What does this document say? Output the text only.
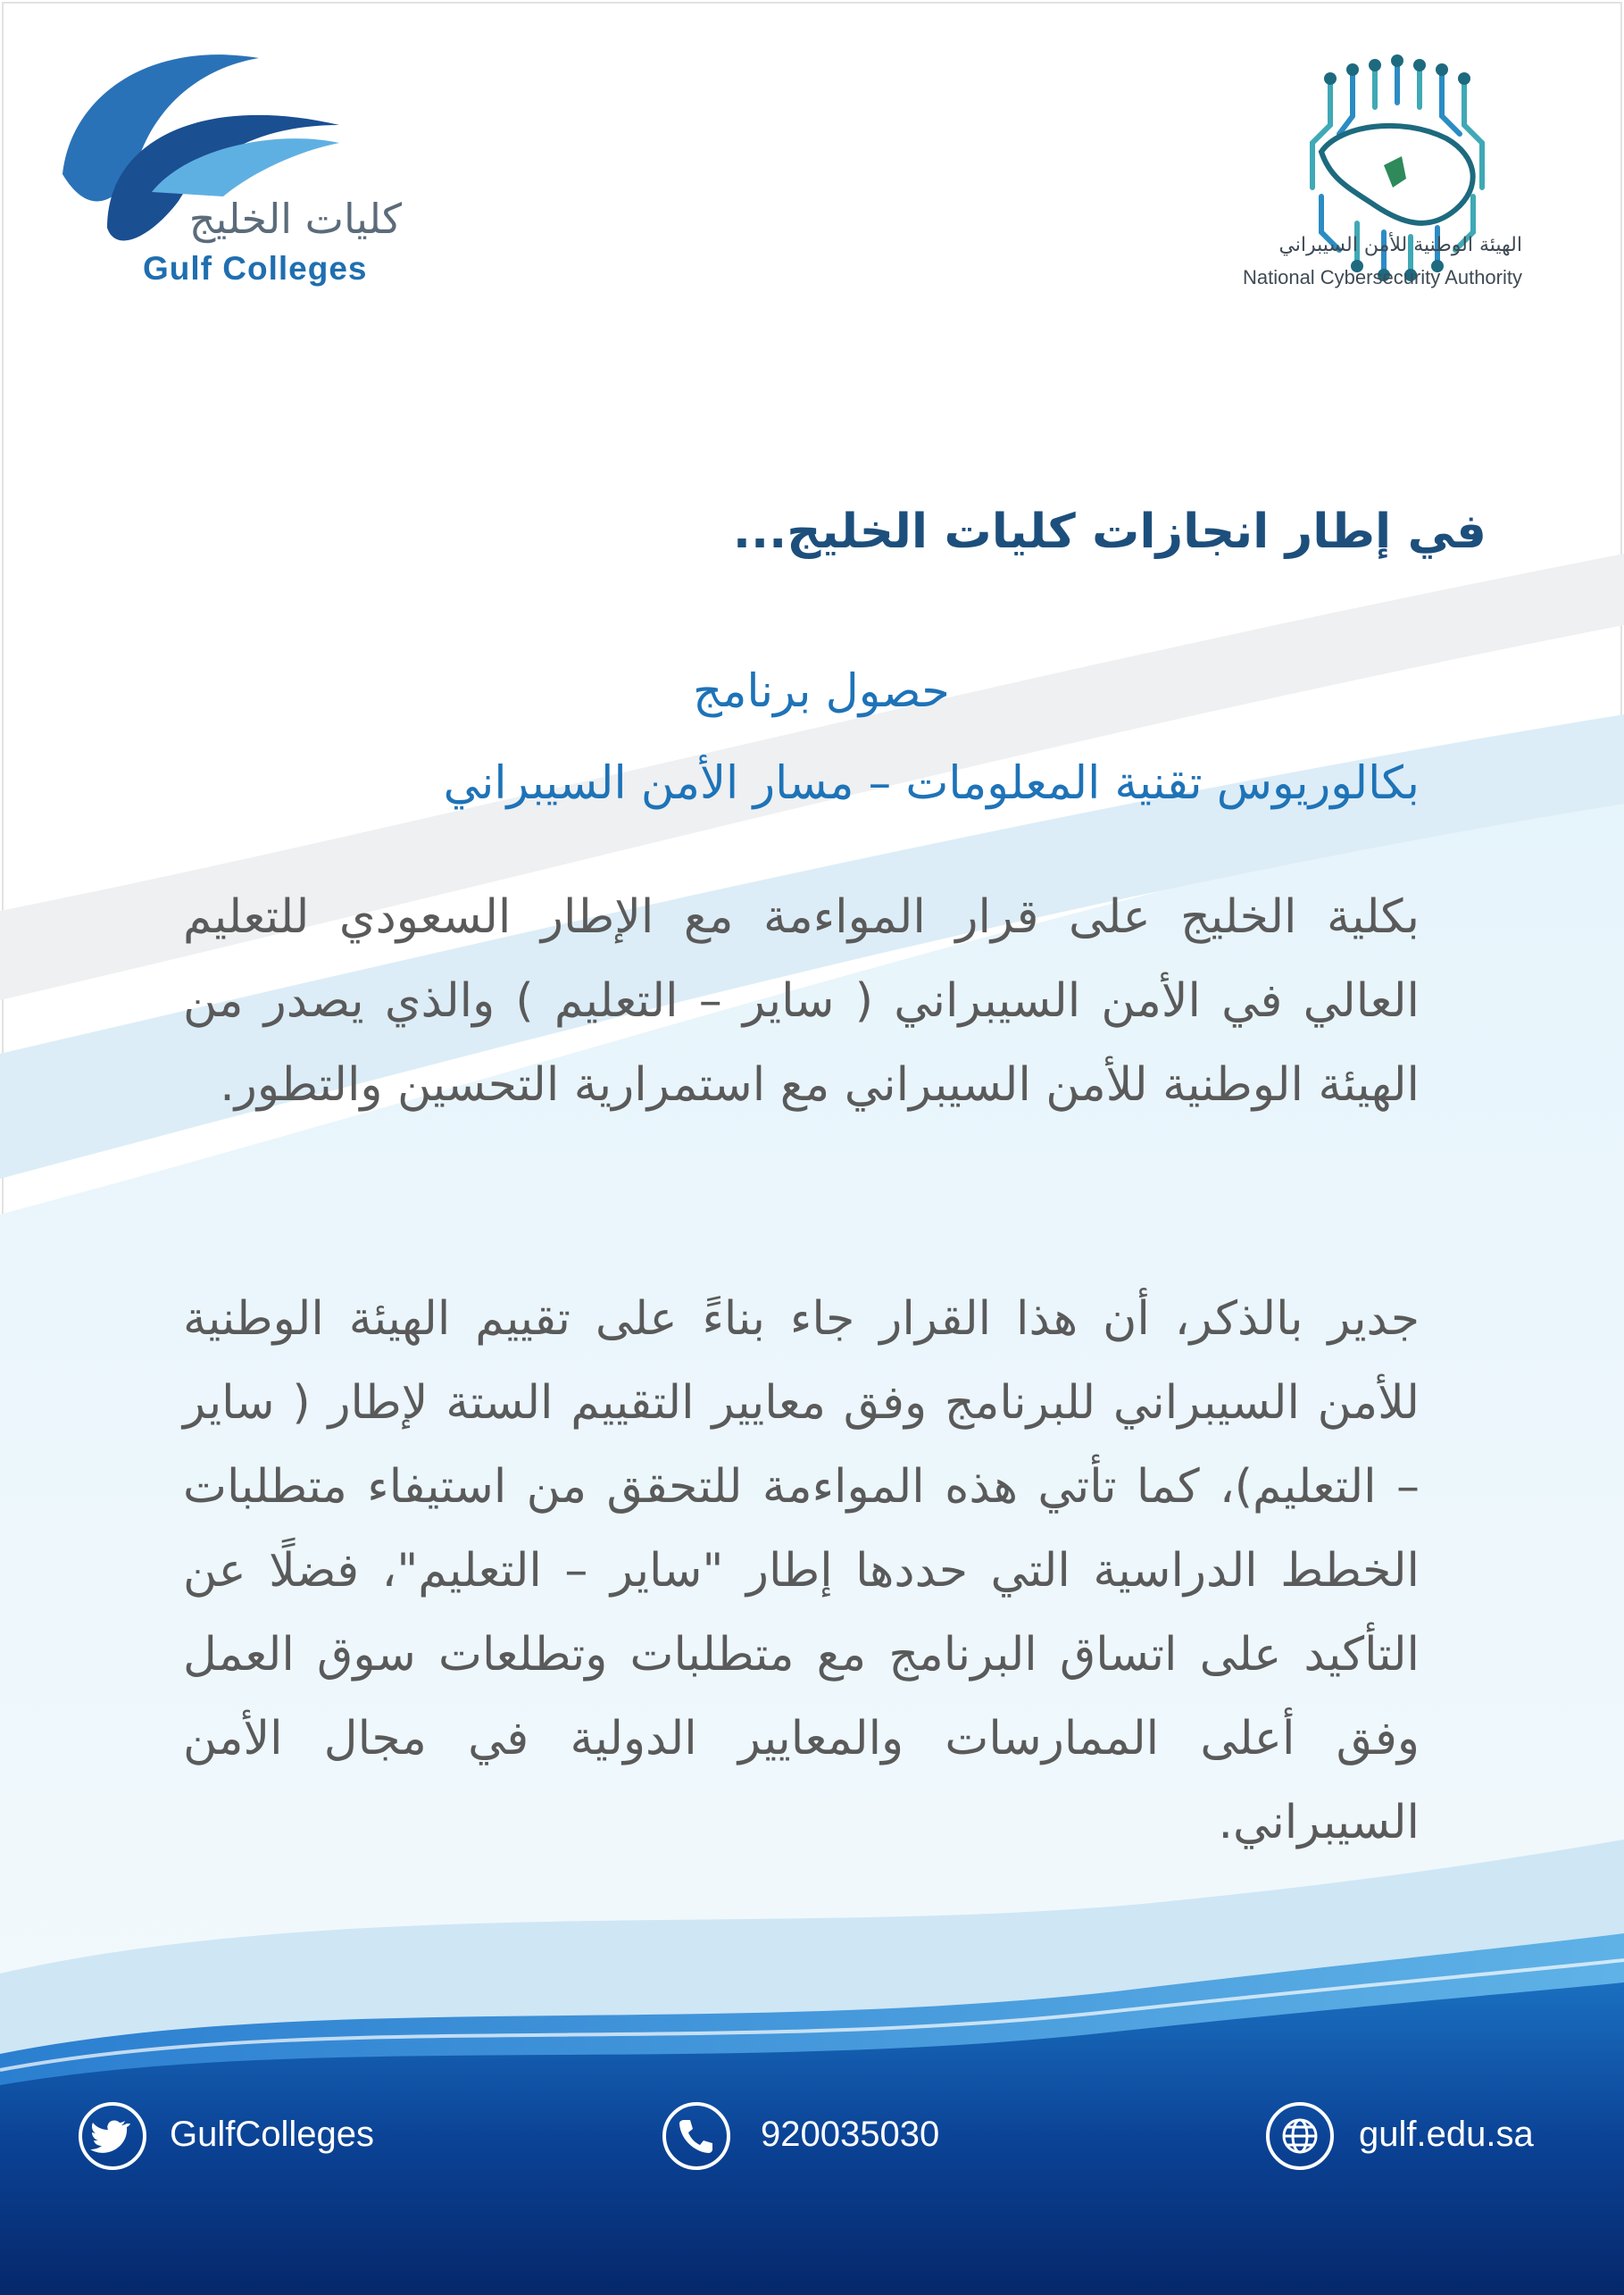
كليات الخليج
Gulf Colleges
الهيئة الوطنية للأمن السيبراني
National Cybersecurity Authority
في إطار انجازات كليات الخليج...
حصول برنامج
بكالوريوس تقنية المعلومات – مسار الأمن السيبراني
بكلية الخليج على قرار المواءمة مع الإطار السعودي للتعليم العالي في الأمن السيبراني ( ساير – التعليم ) والذي يصدر من الهيئة الوطنية للأمن السيبراني مع استمرارية التحسين والتطور.
جدير بالذكر، أن هذا القرار جاء بناءً على تقييم الهيئة الوطنية للأمن السيبراني للبرنامج وفق معايير التقييم الستة لإطار ( ساير – التعليم)، كما تأتي هذه المواءمة للتحقق من استيفاء متطلبات الخطط الدراسية التي حددها إطار "ساير – التعليم"، فضلًا عن التأكيد على اتساق البرنامج مع متطلبات وتطلعات سوق العمل وفق أعلى الممارسات والمعايير الدولية في مجال الأمن السيبراني.
GulfColleges	920035030	gulf.edu.sa
